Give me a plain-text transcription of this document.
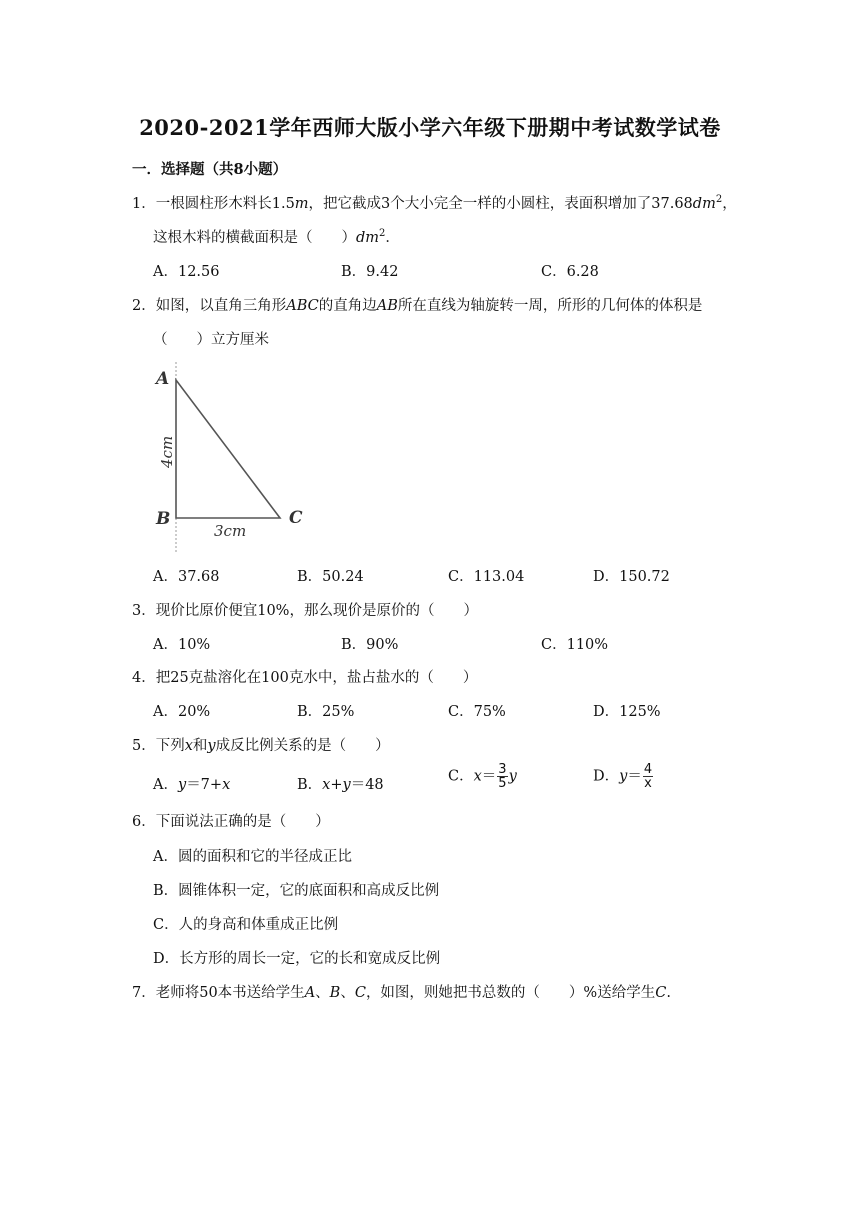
2020-2021学年西师大版小学六年级下册期中考试数学试卷
一．选择题（共8小题）
1．一根圆柱形木料长1.5m，把它截成3个大小完全一样的小圆柱，表面积增加了$37.68dm^2$，
这根木料的横截面积是（　　）$dm^2$．
A．12.56	B．9.42	C．6.28
2．如图，以直角三角形ABC的直角边AB所在直线为轴旋转一周，所形的几何体的体积是
（　　）立方厘米
A
B	C
4cm
3cm
A．37.68	B．50.24	C．113.04	D．150.72
3．现价比原价便宜10%，那么现价是原价的（　　）
A．10%	B．90%	C．110%
4．把25克盐溶化在100克水中，盐占盐水的（　　）
A．20%	B．25%	C．75%	D．125%
5．下列x和y成反比例关系的是（　　）
A．y＝7+x	B．x+y＝48
C．$x= \frac{3}{5}$ y	D．$y= \frac{4}{x}$
6．下面说法正确的是（　　）
A．圆的面积和它的半径成正比
B．圆锥体积一定，它的底面积和高成反比例
C．人的身高和体重成正比例
D．长方形的周长一定，它的长和宽成反比例
7．老师将50本书送给学生A、B、C，如图，则她把书总数的（　　）%送给学生C.
